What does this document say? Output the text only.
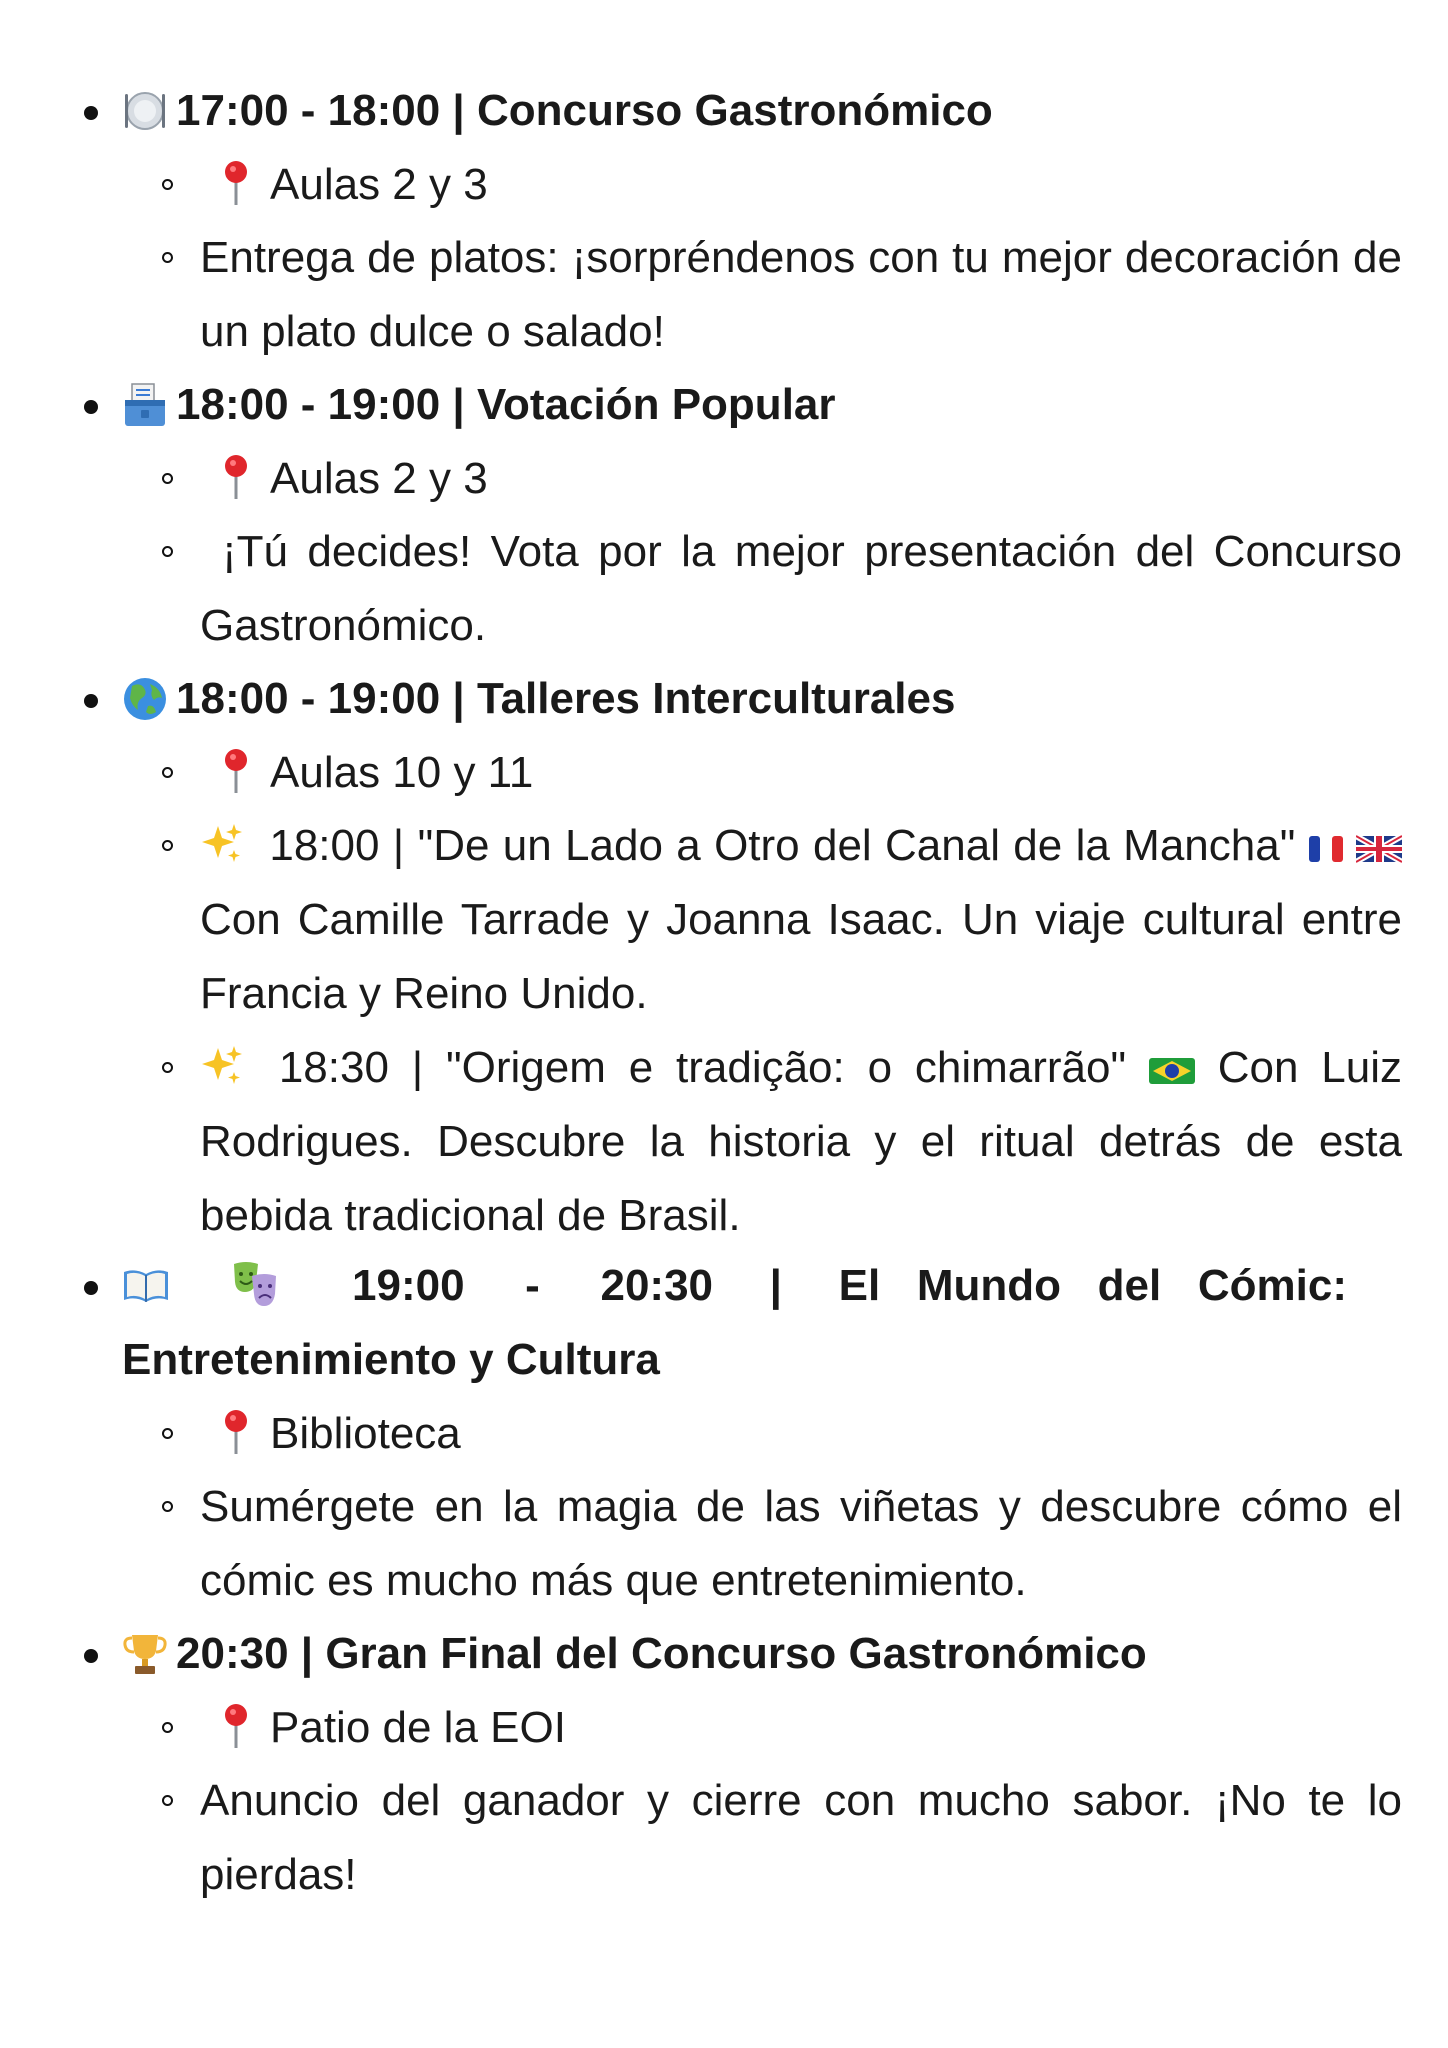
17:00 - 18:00 | Concurso Gastronómico
Aulas 2 y 3
Entrega de platos: ¡sorpréndenos con tu mejor decoración de un plato dulce o salado!
18:00 - 19:00 | Votación Popular
Aulas 2 y 3
¡Tú decides! Vota por la mejor presentación del Concurso Gastronómico.
18:00 - 19:00 | Talleres Interculturales
Aulas 10 y 11
18:00 | "De un Lado a Otro del Canal de la Mancha"   Con Camille Tarrade y Joanna Isaac. Un viaje cultural entre Francia y Reino Unido.
18:30 | "Origem e tradição: o chimarrão" Con Luiz Rodrigues. Descubre la historia y el ritual detrás de esta bebida tradicional de Brasil.
19:00 - 20:30 | El Mundo del Cómic: Entretenimiento y Cultura
Biblioteca
Sumérgete en la magia de las viñetas y descubre cómo el cómic es mucho más que entretenimiento.
20:30 | Gran Final del Concurso Gastronómico
Patio de la EOI
Anuncio del ganador y cierre con mucho sabor. ¡No te lo pierdas!
